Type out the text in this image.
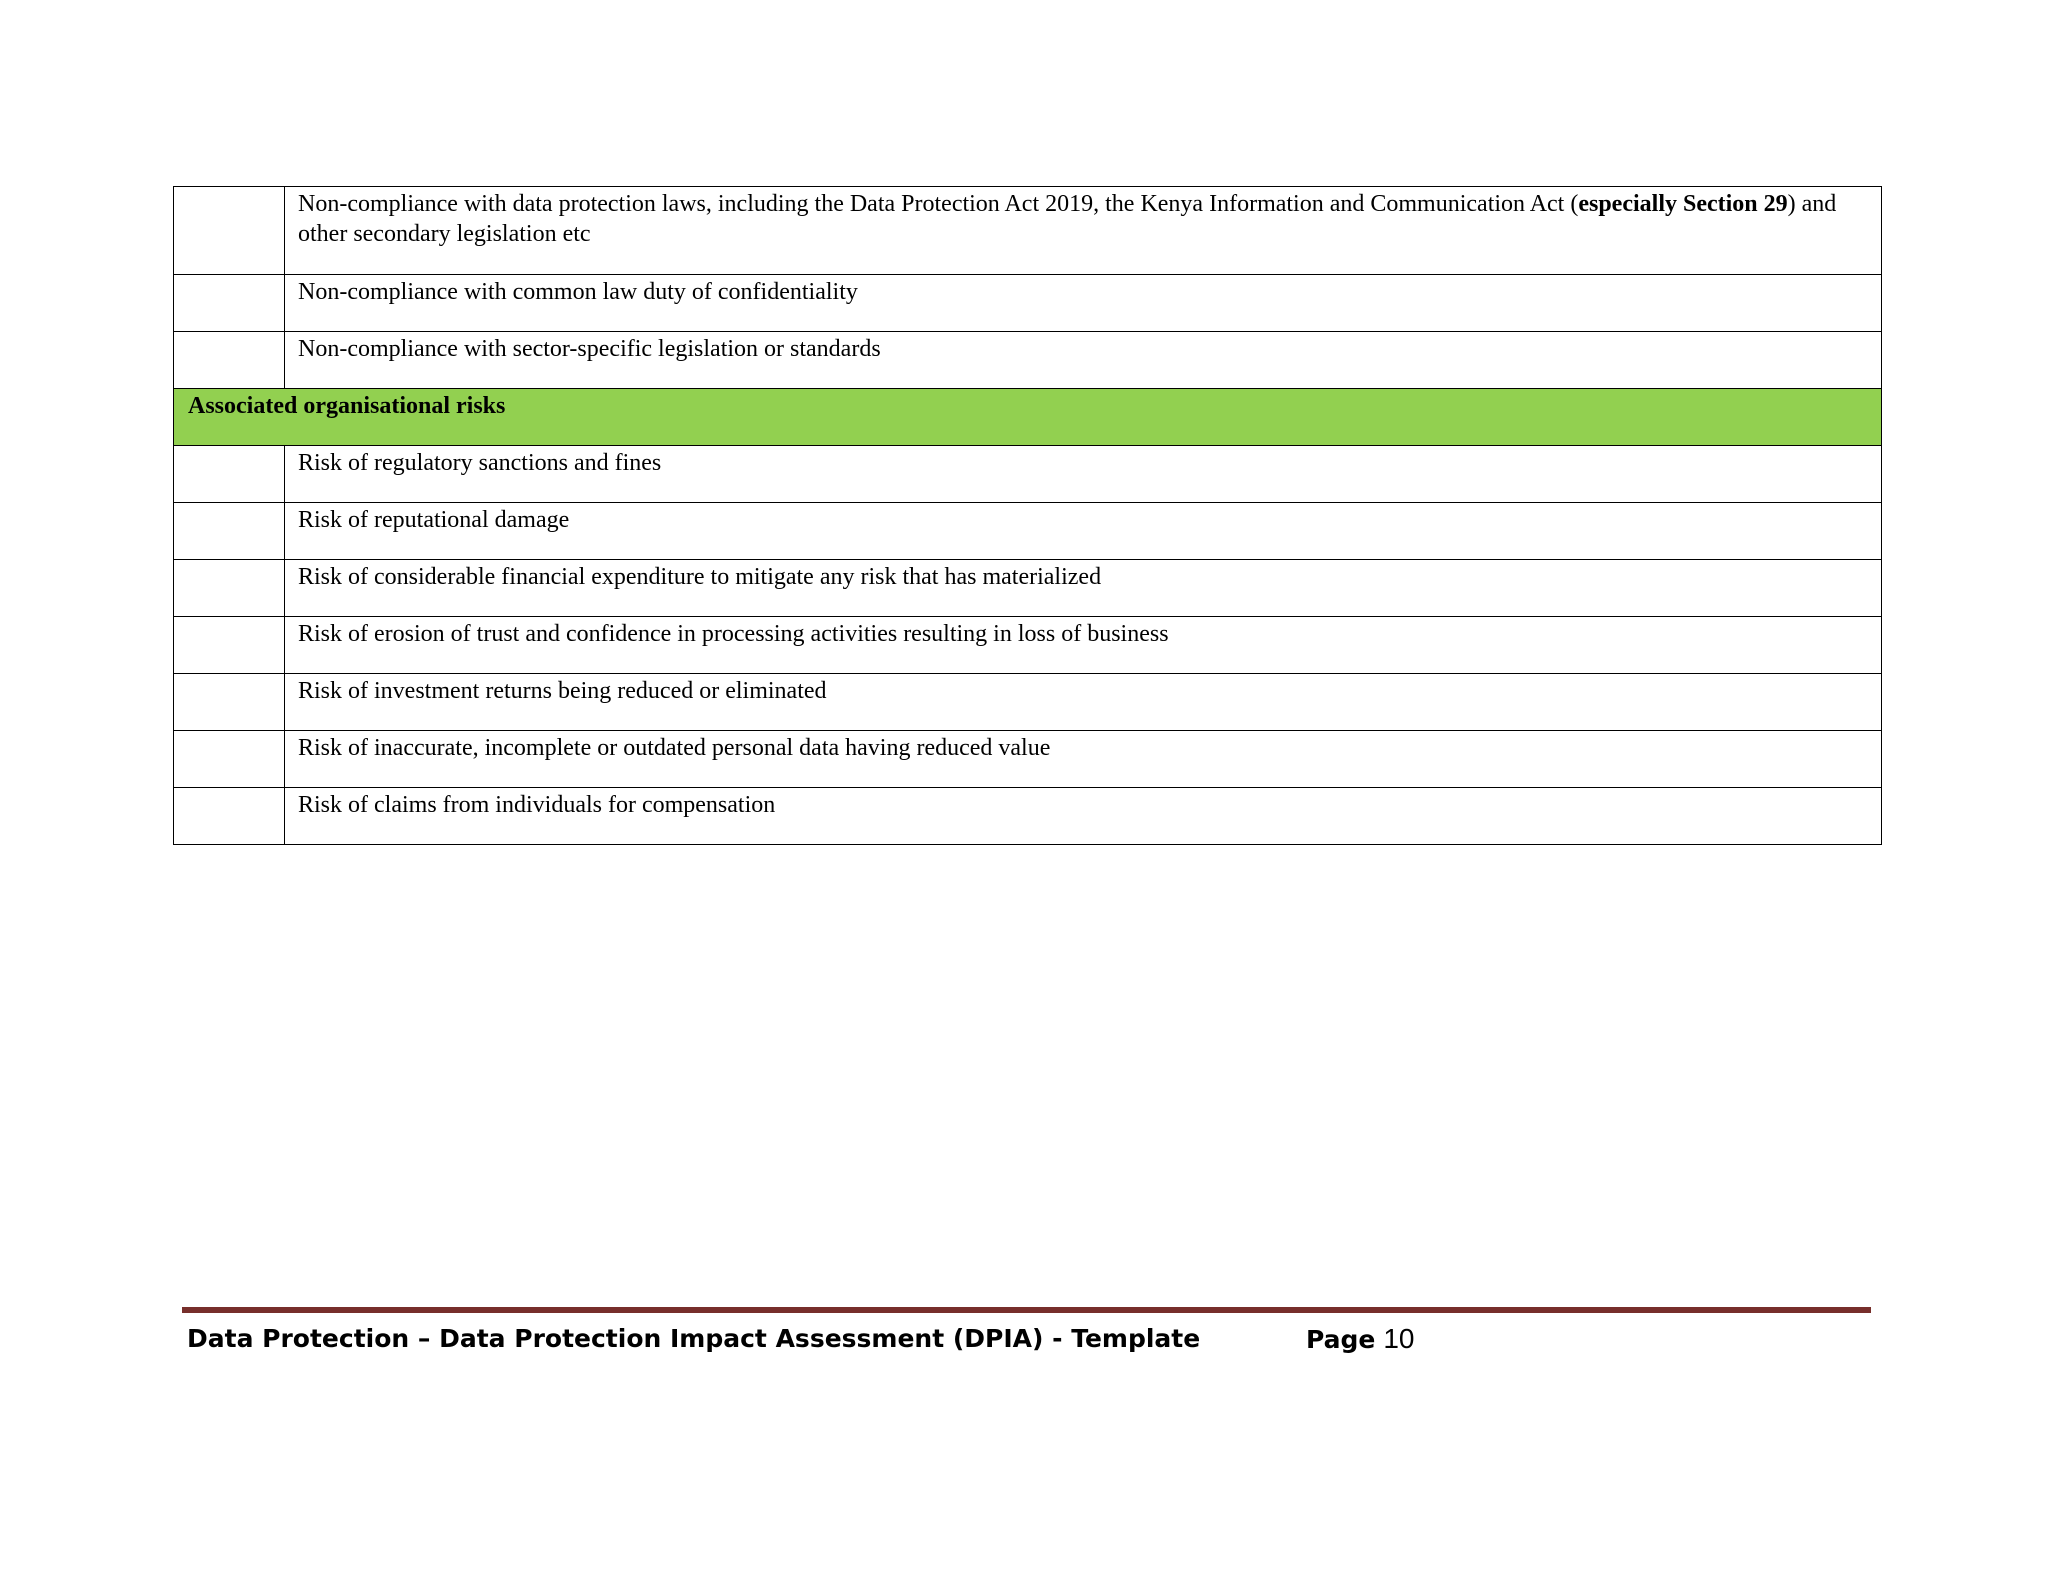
	Non-compliance with data protection laws, including the Data Protection Act 2019, the Kenya Information and Communication Act (especially Section 29) and other secondary legislation etc
	Non-compliance with common law duty of confidentiality
	Non-compliance with sector-specific legislation or standards
Associated organisational risks	
	Risk of regulatory sanctions and fines
	Risk of reputational damage
	Risk of considerable financial expenditure to mitigate any risk that has materialized
	Risk of erosion of trust and confidence in processing activities resulting in loss of business
	Risk of investment returns being reduced or eliminated
	Risk of inaccurate, incomplete or outdated personal data having reduced value
	Risk of claims from individuals for compensation
Data Protection – Data Protection Impact Assessment (DPIA) - Template	Page 10
